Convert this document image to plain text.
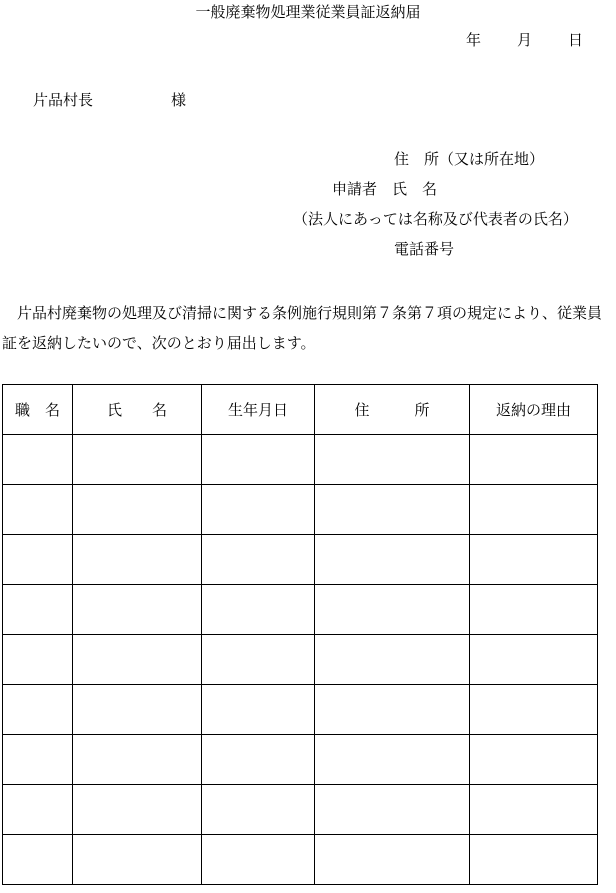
一般廃棄物処理業従業員証返納届
年 月 日
片品村長	様
住　所（又は所在地）
申請者　氏　名
（法人にあっては名称及び代表者の氏名）
電話番号
片品村廃棄物の処理及び清掃に関する条例施行規則第７条第７項の規定により、従業員証を返納したいので、次のとおり届出します。
職　名	氏　　名	生年月日	住　　　所	返納の理由
